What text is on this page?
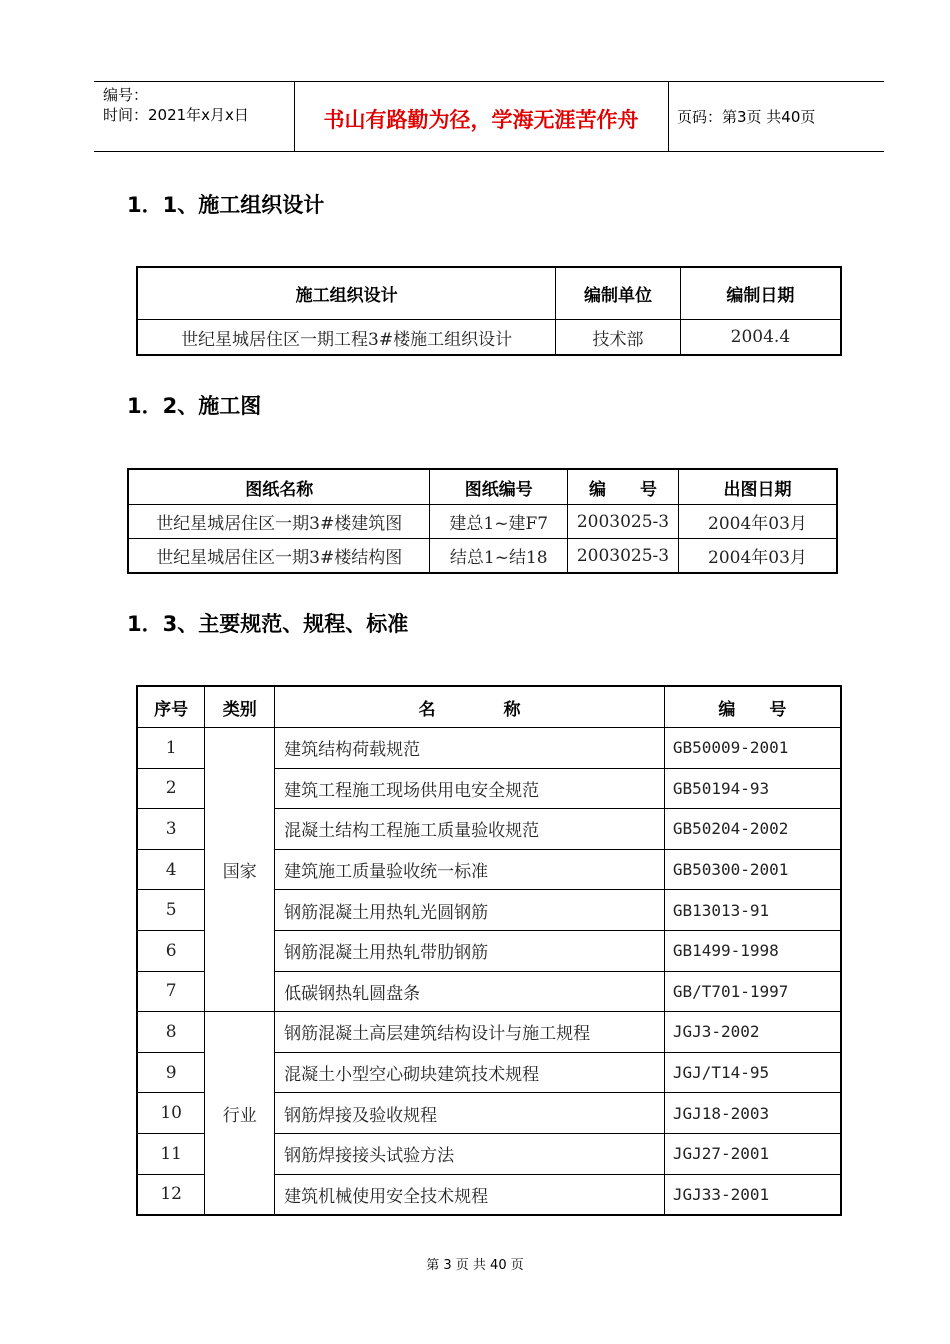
编号：
时间：2021年x月x日	书山有路勤为径，学海无涯苦作舟	页码：第3页 共40页
1．1、施工组织设计
施工组织设计	编制单位	编制日期
世纪星城居住区一期工程3#楼施工组织设计	技术部	2004.4
1．2、施工图
图纸名称	图纸编号	编　　号	出图日期
世纪星城居住区一期3#楼建筑图	建总1~建F7	2003025-3	2004年03月
世纪星城居住区一期3#楼结构图	结总1~结18	2003025-3	2004年03月
1．3、主要规范、规程、标准
序号	类别	名　　　　称	编　　号
1	国家	建筑结构荷载规范	GB50009-2001
2		建筑工程施工现场供用电安全规范	GB50194-93
3		混凝土结构工程施工质量验收规范	GB50204-2002
4		建筑施工质量验收统一标准	GB50300-2001
5		钢筋混凝土用热轧光圆钢筋	GB13013-91
6		钢筋混凝土用热轧带肋钢筋	GB1499-1998
7		低碳钢热轧圆盘条	GB/T701-1997
8	行业	钢筋混凝土高层建筑结构设计与施工规程	JGJ3-2002
9		混凝土小型空心砌块建筑技术规程	JGJ/T14-95
10		钢筋焊接及验收规程	JGJ18-2003
11		钢筋焊接接头试验方法	JGJ27-2001
12		建筑机械使用安全技术规程	JGJ33-2001
第 3 页 共 40 页
